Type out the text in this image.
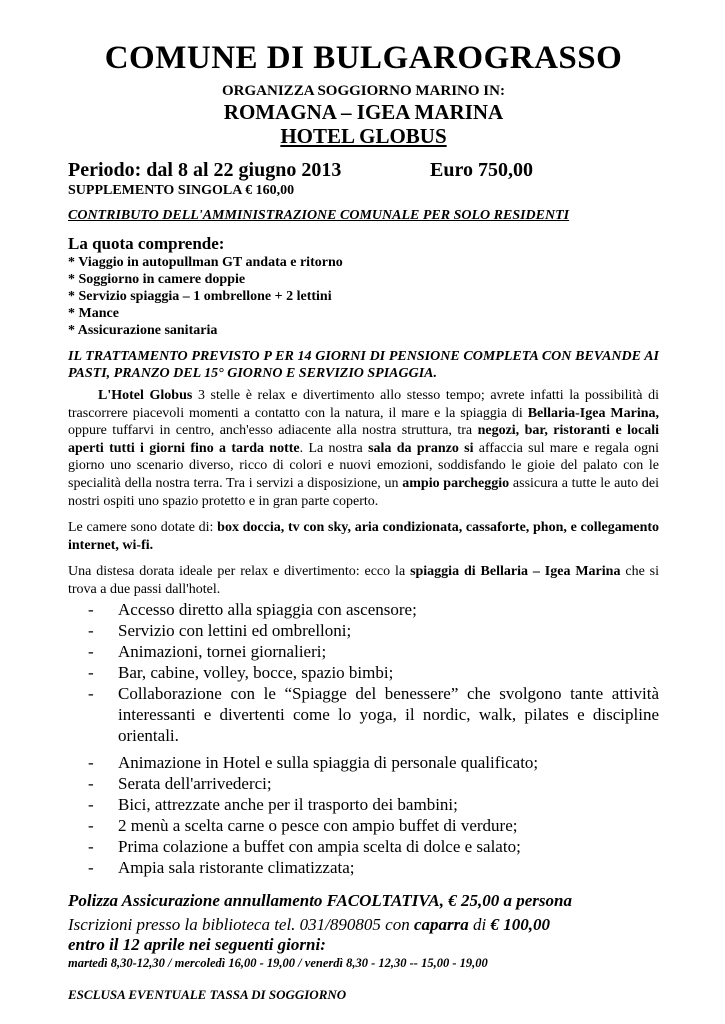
COMUNE DI BULGAROGRASSO
ORGANIZZA SOGGIORNO MARINO IN:
ROMAGNA – IGEA MARINA
HOTEL GLOBUS
Periodo: dal 8 al 22 giugno 2013	Euro 750,00
SUPPLEMENTO SINGOLA € 160,00
CONTRIBUTO DELL'AMMINISTRAZIONE COMUNALE PER SOLO RESIDENTI
La quota comprende:
* Viaggio in autopullman GT andata e ritorno
* Soggiorno in camere doppie
* Servizio spiaggia – 1 ombrellone + 2 lettini
* Mance
* Assicurazione sanitaria
IL TRATTAMENTO PREVISTO P ER 14 GIORNI DI PENSIONE COMPLETA CON BEVANDE AI PASTI, PRANZO DEL 15° GIORNO E SERVIZIO SPIAGGIA.
L'Hotel Globus 3 stelle è relax e divertimento allo stesso tempo; avrete infatti la possibilità di trascorrere piacevoli momenti a contatto con la natura, il mare e la spiaggia di Bellaria-Igea Marina, oppure tuffarvi in centro, anch'esso adiacente alla nostra struttura, tra negozi, bar, ristoranti e locali aperti tutti i giorni fino a tarda notte. La nostra sala da pranzo si affaccia sul mare e regala ogni giorno uno scenario diverso, ricco di colori e nuovi emozioni, soddisfando le gioie del palato con le specialità della nostra terra. Tra i servizi a disposizione, un ampio parcheggio assicura a tutte le auto dei nostri ospiti uno spazio protetto e in gran parte coperto.
Le camere sono dotate di: box doccia, tv con sky, aria condizionata, cassaforte, phon, e collegamento internet, wi-fi.
Una distesa dorata ideale per relax e divertimento: ecco la spiaggia di Bellaria – Igea Marina che si trova a due passi dall'hotel.
- Accesso diretto alla spiaggia con ascensore;
- Servizio con lettini ed ombrelloni;
- Animazioni, tornei giornalieri;
- Bar, cabine, volley, bocce, spazio bimbi;
- Collaborazione con le “Spiagge del benessere” che svolgono tante attività interessanti e divertenti come lo yoga, il nordic, walk, pilates e discipline orientali.
- Animazione in Hotel e sulla spiaggia di personale qualificato;
- Serata dell'arrivederci;
- Bici, attrezzate anche per il trasporto dei bambini;
- 2 menù a scelta carne o pesce con ampio buffet di verdure;
- Prima colazione a buffet con ampia scelta di dolce e salato;
- Ampia sala ristorante climatizzata;
Polizza Assicurazione annullamento FACOLTATIVA, € 25,00 a persona
Iscrizioni presso la biblioteca tel. 031/890805 con caparra di € 100,00
entro il 12 aprile nei seguenti giorni:
martedì 8,30-12,30 / mercoledì 16,00 - 19,00 / venerdì 8,30 - 12,30 -- 15,00 - 19,00
ESCLUSA EVENTUALE TASSA DI SOGGIORNO
